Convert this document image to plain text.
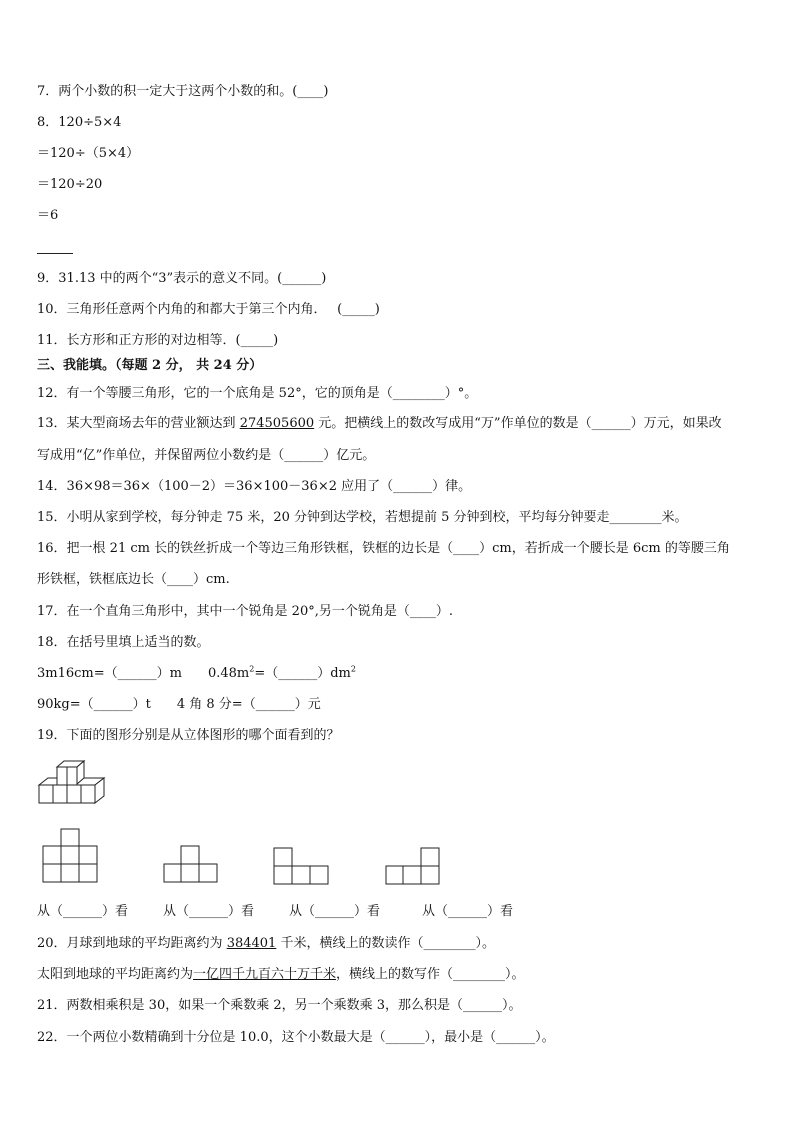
7．两个小数的积一定大于这两个小数的和。(____)
8．120÷5×4
＝120÷（5×4）
＝120÷20
＝6
9．31.13 中的两个“3”表示的意义不同。(______)
10．三角形任意两个内角的和都大于第三个内角．　 (_____)
11．长方形和正方形的对边相等．(_____)
三、我能填。（每题 2 分， 共 24 分）
12．有一个等腰三角形，它的一个底角是 52°，它的顶角是（________）°。
13．某大型商场去年的营业额达到 274505600 元。把横线上的数改写成用“万”作单位的数是（______）万元，如果改
写成用“亿”作单位，并保留两位小数约是（______）亿元。
14．36×98＝36×（100－2）＝36×100－36×2 应用了（______）律。
15．小明从家到学校，每分钟走 75 米，20 分钟到达学校，若想提前 5 分钟到校，平均每分钟要走________米。
16．把一根 21 cm 长的铁丝折成一个等边三角形铁框，铁框的边长是（____）cm，若折成一个腰长是 6cm 的等腰三角
形铁框，铁框底边长（____）cm.
17．在一个直角三角形中，其中一个锐角是 20°,另一个锐角是（____）.
18．在括号里填上适当的数。
3m16cm=（______）m　　$0.48m^2=(\_\_\_\_\_\_)dm^2$
90kg=（______）t　　4 角 8 分=（______）元
19．下面的图形分别是从立体图形的哪个面看到的？
从（______）看	从（______）看	从（______）看	从（______）看
20．月球到地球的平均距离约为 384401 千米，横线上的数读作（________）。
太阳到地球的平均距离约为一亿四千九百六十万千米，横线上的数写作（________）。
21．两数相乘积是 30，如果一个乘数乘 2，另一个乘数乘 3，那么积是（______）。
22．一个两位小数精确到十分位是 10.0，这个小数最大是（______），最小是（______）。
